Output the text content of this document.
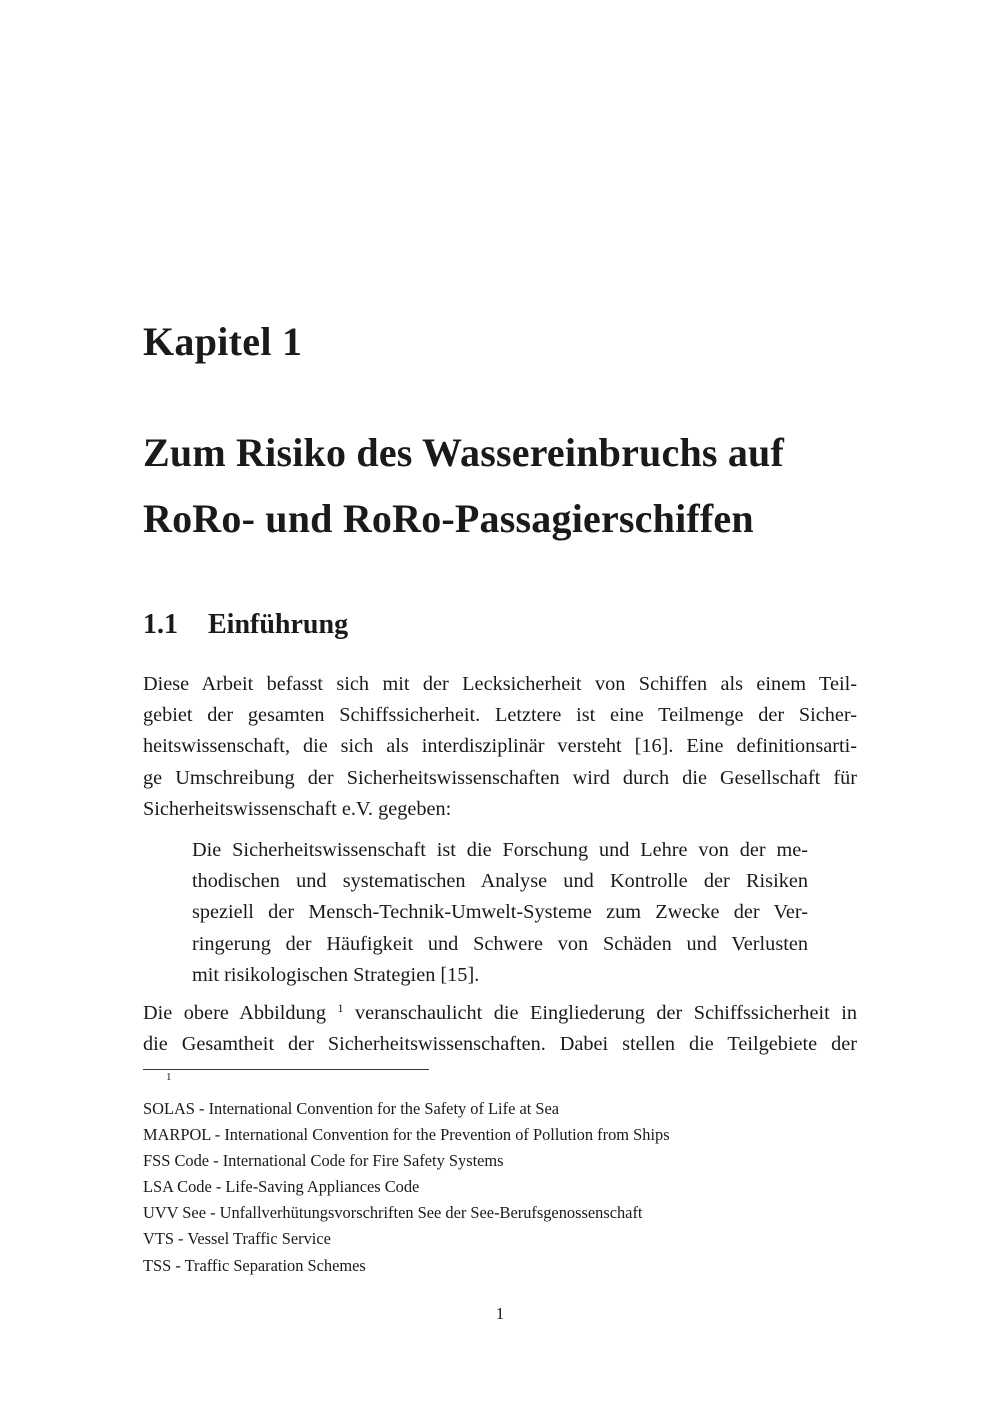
Kapitel 1
Zum Risiko des Wassereinbruchs auf
RoRo- und RoRo-Passagierschiffen
1.1 Einführung
Diese Arbeit befasst sich mit der Lecksicherheit von Schiffen als einem Teil-
gebiet der gesamten Schiffssicherheit. Letztere ist eine Teilmenge der Sicher-
heitswissenschaft, die sich als interdisziplinär versteht [16]. Eine definitionsarti-
ge Umschreibung der Sicherheitswissenschaften wird durch die Gesellschaft für
Sicherheitswissenschaft e.V. gegeben:
Die Sicherheitswissenschaft ist die Forschung und Lehre von der me-
thodischen und systematischen Analyse und Kontrolle der Risiken
speziell der Mensch-Technik-Umwelt-Systeme zum Zwecke der Ver-
ringerung der Häufigkeit und Schwere von Schäden und Verlusten
mit risikologischen Strategien [15].
Die obere Abbildung $^1$ veranschaulicht die Eingliederung der Schiffssicherheit in
die Gesamtheit der Sicherheitswissenschaften. Dabei stellen die Teilgebiete der
1
SOLAS - International Convention for the Safety of Life at Sea
MARPOL - International Convention for the Prevention of Pollution from Ships
FSS Code - International Code for Fire Safety Systems
LSA Code - Life-Saving Appliances Code
UVV See - Unfallverhütungsvorschriften See der See-Berufsgenossenschaft
VTS - Vessel Traffic Service
TSS - Traffic Separation Schemes
1
